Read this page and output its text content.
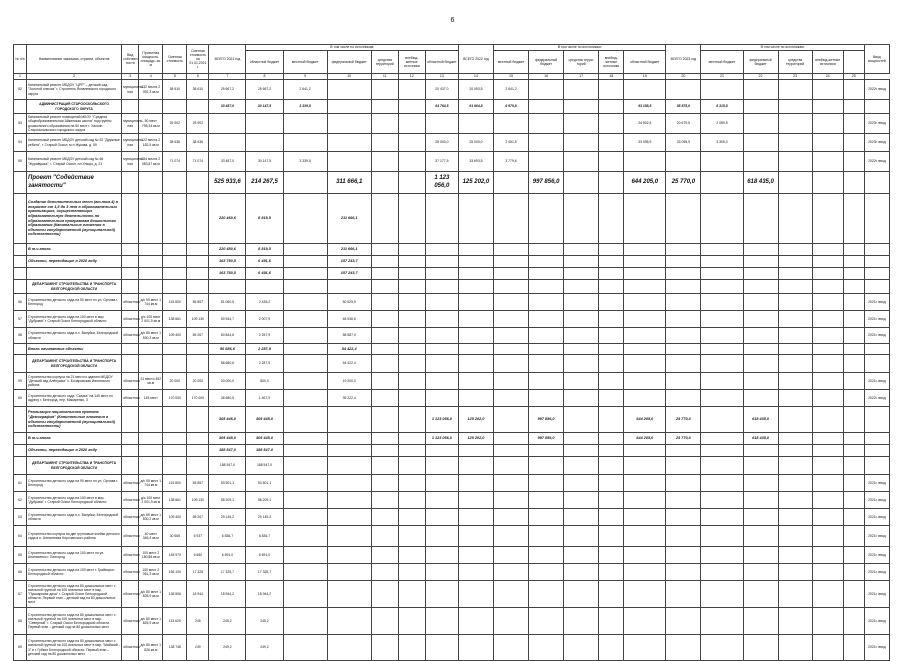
6
№ п/п	Наименование заказчика, отрасли, объектов	Вид собствен-ности	Проектная мощность, площадь, кв. м	Сметная стоимость	Сметная стоимость на 01.01.2021 г.	ВСЕГО 2021 год	В том числе по источникам:						ВСЕГО 2022 год	В том числе по источникам:					ВСЕГО 2023 год	В том числе по источникам:					Ввод мощностей
							областной бюджет	местный бюджет	федеральный бюджет	средства территорий	внебюд-жетные источники	областной бюджет		местный бюджет	федеральный бюджет	средства терри-торий	внебюд-жетные источники	областной бюджет		местный бюджет	федеральный бюджет	средства территорий	внебюд-жетные источники		
1	2	3	4	5	6	7	8	9	10	11	12	13	14	15	16	17	18	19	20	21	22	23	24	25	
52	Капитальный ремонт МБДОУ "ЦРР" – детский сад "Золотой ключик" г. Строитель Яковлевского городского округа	муниципаль-ная	332 места 2 092,3 кв.м	38 610	38 610	25 667,2	25 667,2	2 641,2				20 437,0	20 093,5	2 641,2											2022г. ввод
	АДМИНИСТРАЦИЯ СТАРООСКОЛЬСКОГО ГОРОДСКОГО ОКРУГА					33 487,0	30 147,5	3 339,5				64 764,5	61 664,8	6 979,8				63 158,5	55 875,0	6 315,8					
53	Капитальный ремонт помещений МБОУ "Средняя общеобразовательная Айкинская школа" под группы дошкольного образования на 50 мест г. Хахсин Старооскольского городского округа	муниципаль-ная	50 мест 795,34 кв.м	25 902	25 902													24 902,5	20 679,5	2 089,5					2023г. ввод
54	Капитальный ремонт МБДОУ детский сад № 52 "Дружные ребята", г. Старый Оскол, м-н Жукова, д. 59	муниципаль-ная	122 места 2 182,5 кв.м	38 636	38 636							28 000,0	25 000,0	2 451,5				33 095,9	33 095,9	3 305,0					2023г. ввод
55	Капитальный ремонт МБДОУ детский сад № 66 "Журавушка", г. Старый Оскол, пл.Улицы, д. 21	муниципаль-ная	284 места 2 083,87 кв.м	71 074	71 074	33 487,0	30 147,5	3 339,5				37 177,5	33 693,5	3 779,6											2022г. ввод
	Проект "Содействие занятости"					525 933,6	214 267,5		311 666,1			1 123 056,0	125 202,0		997 856,0			644 205,0	25 770,0		618 435,0				
	Создание дополнительных мест (вт.том.4) в возрасте от 1,5 до 3 лет в образовательных организациях, осуществляющих образовательную деятельность по образовательным программам дошкольного образования (Капитальные вложения в объекты государственной (муниципальной) собственности)					220 460,6	8 819,5		211 666,1																
	В т.ч.вновь					220 480,6	8 819,5		211 666,1																
	Объекты, переходящие в 2020 году					163 750,5	6 491,6		157 243,7																
						163 750,5	6 491,6		157 243,7																
	ДЕПАРТАМЕНТ СТРОИТЕЛЬСТВА И ТРАНСПОРТА БЕЛГОРОДСКОЙ ОБЛАСТИ																								
56	Строительство детского сада на 90 мест по ул. Орлова г. Белгород	областная	д/с 90 мест 1 744 кв.м	115 800	55 857	51 060,5	2 435,2		50 625,9																2021г. ввод
57	Строительство детского сада на 100 мест в мкр. "Дубрава" г. Старый Оскол Белгородской области	областная	д/с 100 мест 2 001,9 кв.м	138 661	109 130	50 944,7	2 007,9		48 936,8																2021г. ввод
58	Строительство детского сада п.с. Валуйки, Белгородской области	областная	д/с 89 мест 1 530,2 кв.м	109 400	65 267	60 844,6	2 257,9		58 587,0																2021г. ввод
	Вновь начинаемые объекты					56 686,6	2 287,9		54 422,4																
	ДЕПАРТАМЕНТ СТРОИТЕЛЬСТВА И ТРАНСПОРТА БЕЛГОРОДСКОЙ ОБЛАСТИ					56 680,6	2 287,9		54 422,4																
59	Строительство корпуса на 21 место к зданию МБДОУ "Детский сад Алёнушка" с. Бочаровская Ивнянского района	областная	21 место 452 кв.м	20 000	20 000	20 000,0	800,0		19 200,0																2021г. ввод
60	Строительство детского сада "Сказка" на 145 мест по адресу г. Белгород, пер. Макаренко, 3	областная	145 мест	170 000	170 000	36 680,5	1 467,9		35 222,4																2022г. ввод
	Реализация национального проекта "Демография" (Капитальные вложения в объекты государственной (муниципальной) собственности)					305 446,0	305 448,0					1 123 056,0	125 202,0		997 856,0			644 205,0	25 770,0		618 435,0				
	В т.ч.вновь					305 448,0	305 448,0					1 123 056,0	125 202,0		997 856,0			644 205,0	25 770,0		618 435,0				
	Объекты, переходящие в 2020 году					188 547,0	188 547,0																		
	ДЕПАРТАМЕНТ СТРОИТЕЛЬСТВА И ТРАНСПОРТА БЕЛГОРОДСКОЙ ОБЛАСТИ					188 547,0	188 547,0																		
61	Строительство детского сада на 90 мест по ул. Орлова г. Белгород	областная	д/с 90 мест 1 744 кв.м	115 800	55 857	53 501,1	53 501,1																		2021г. ввод
62	Строительство детского сада на 100 мест в мкр. "Дубрава" г. Старый Оскол Белгородской области	областная	д/с 100 мест 2 001,9 кв.м	138 661	109 130	58 209,1	58 209,1																		2021г. ввод
63	Строительство детского сада п.с. Валуйки, Белгородской области	областная	д/с 89 мест 1 530,2 кв.м	109 400	65 267	29 145,2	29 145,2																		2021г. ввод
64	Строительство корпуса на две групповые ячейки детского сада в п. Алексеевка Корочанского района	областная	40 мест 346,4 кв.м	30 665	6 937	6 836,7	6 836,7																		2021г. ввод
65	Строительство детского сада на 100 мест по ул. Апанасенко г. Белгород	областная	100 мест 2 180,88 кв.м	145 970	6 680	6 691,0	6 691,0																		2021г. ввод
66	Строительство детского сада на 100 мест г. Грайворон Белгородской области	областная	100 мест 2 061,3 кв.м	156 100	17 328	17 325,7	17 325,7																		2021г. ввод
67	Строительство детского сада на 80 дошкольных мест с ясельной группой на 100 ясельных мест в мкр. "Пушкарская дача" г. Старый Оскол Белгородской области. Первый этап – детский сад на 80 дошкольных мест	областная	д/с 80 мест 1 828,9 кв.м	138 506	18 944	18 944,2	18 944,2																		2021г. ввод
68	Строительство детского сада на 80 дошкольных мест с ясельной группой на 100 ясельных мест в мкр. "Северный" г. Старый Оскол Белгородской области. Первый этап – детский сад на 80 дошкольных мест	областная	д/с 80 мест 1 825,9 кв.м	113 625	245	245,2	245,2																		2021г. ввод
69	Строительство детского сада на 80 дошкольных мест с ясельной группой на 100 ясельных мест в мкр. "Майский - 3" в г. Губкин Белгородской области. Первый этап – детский сад на 80 дошкольных мест	областная	д/с 80 мест 1 826 кв.м	138 748	249	249,2	249,2																		2021г. ввод
